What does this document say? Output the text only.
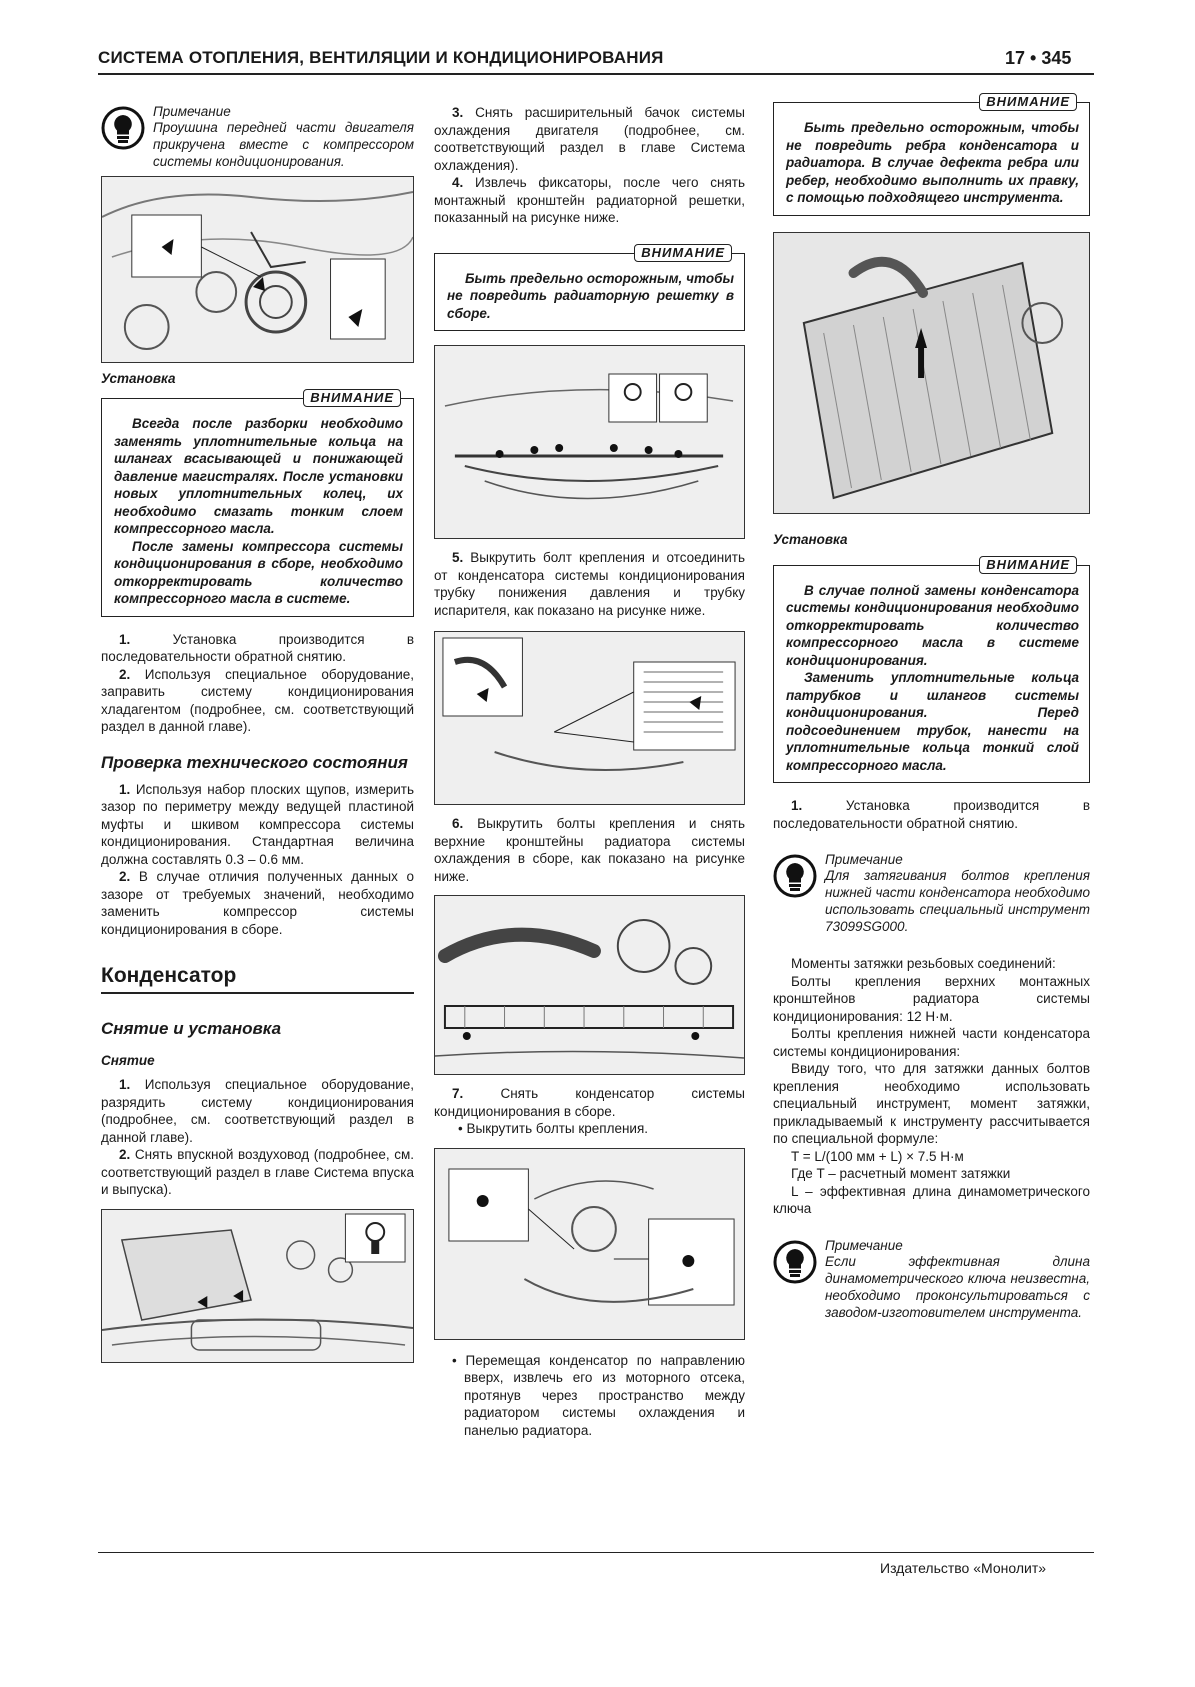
СИСТЕМА ОТОПЛЕНИЯ, ВЕНТИЛЯЦИИ И КОНДИЦИОНИРОВАНИЯ	17 • 345
Примечание

Проушина передней части двигателя прикручена вместе с компрессором системы кондиционирования.

Установка
ВНИМАНИЕ

Всегда после разборки необходимо заменять уплотнительные кольца на шлангах всасывающей и понижающей давление магистралях. После установки новых уплотнительных колец, их необходимо смазать тонким слоем компрессорного масла.

После замены компрессора системы кондиционирования в сборе, необходимо откорректировать количество компрессорного масла в системе.

1.	Установка производится в последовательности обратной снятию.

2. Используя специальное оборудование, заправить систему кондиционирования хладагентом (подробнее, см. соответствующий раздел в данной главе).

Проверка технического состояния

1. Используя набор плоских щупов, измерить зазор по периметру между ведущей пластиной муфты и шкивом компрессора системы кондиционирования. Стандартная величина должна составлять 0.3 – 0.6 мм.

2. В случае отличия полученных данных о зазоре от требуемых значений, необходимо заменить компрессор системы кондиционирования в сборе.

Конденсатор
Снятие и установка
Снятие

1. Используя специальное оборудование, разрядить систему кондиционирования (подробнее, см. соответствующий раздел в данной главе).

2. Снять впускной воздуховод (подробнее, см. соответствующий раздел в главе Система впуска и выпуска).

3. Снять расширительный бачок системы охлаждения двигателя (подробнее, см. соответствующий раздел в главе Система охлаждения).

4. Извлечь фиксаторы, после чего снять монтажный кронштейн радиаторной решетки, показанный на рисунке ниже.

ВНИМАНИЕ

Быть предельно осторожным, чтобы не повредить радиаторную решетку в сборе.

5. Выкрутить болт крепления и отсоединить от конденсатора системы кондиционирования трубку понижения давления и трубку испарителя, как показано на рисунке ниже.

6. Выкрутить болты крепления и снять верхние кронштейны радиатора системы охлаждения в сборе, как показано на рисунке ниже.

7.	Снять конденсатор системы кондиционирования в сборе.

• Выкрутить болты крепления.

• Перемещая конденсатор по направлению вверх, извлечь его из моторного отсека, протянув через пространство между радиатором системы охлаждения и панелью радиатора.

ВНИМАНИЕ

Быть предельно осторожным, чтобы не повредить ребра конденсатора и радиатора. В случае дефекта ребра или ребер, необходимо выполнить их правку, с помощью подходящего инструмента.

Установка
ВНИМАНИЕ

В случае полной замены конденсатора системы кондиционирования необходимо откорректировать количество компрессорного масла в системе кондиционирования.

Заменить уплотнительные кольца патрубков и шлангов системы кондиционирования. Перед подсоединением трубок, нанести на уплотнительные кольца тонкий слой компрессорного масла.

1.	Установка производится в последовательности обратной снятию.

Примечание

Для затягивания болтов крепления нижней части конденсатора необходимо использовать специальный инструмент 73099SG000.

Моменты затяжки резьбовых соединений:

Болты крепления верхних монтажных кронштейнов радиатора системы кондиционирования: 12 Н·м.

Болты крепления нижней части конденсатора системы кондиционирования:

Ввиду того, что для затяжки данных болтов крепления необходимо использовать специальный инструмент, момент затяжки, прикладываемый к инструменту рассчитывается по специальной формуле:

T = L/(100 мм + L) × 7.5 Н·м

Где T – расчетный момент затяжки

L – эффективная длина динамометрического ключа

Примечание

Если эффективная длина динамометрического ключа неизвестна, необходимо проконсультироваться с заводом-изготовителем инструмента.

Издательство «Монолит»
